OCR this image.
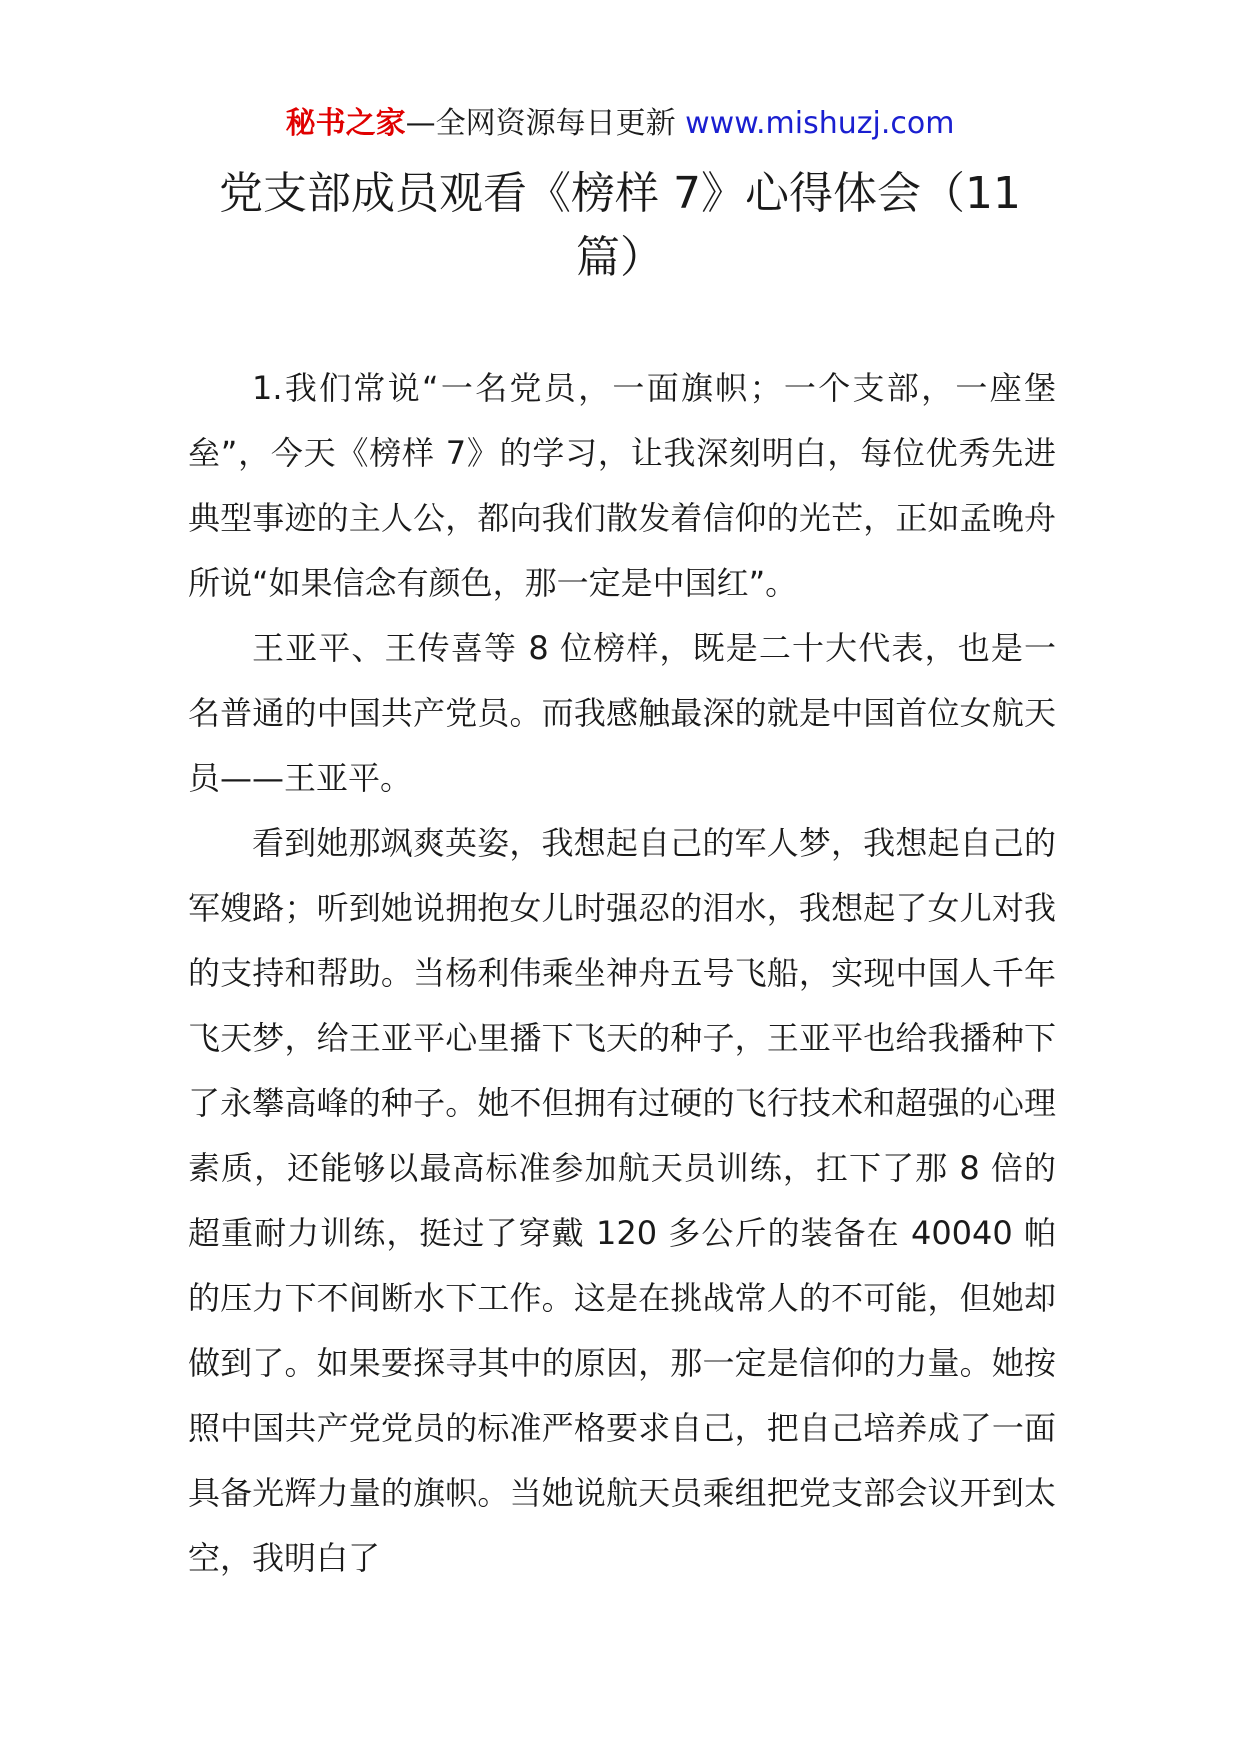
秘书之家—全网资源每日更新 www.mishuzj.com
党支部成员观看《榜样 7》心得体会（11 篇）

1.我们常说“一名党员，一面旗帜；一个支部，一座堡垒”，今天《榜样 7》的学习，让我深刻明白，每位优秀先进典型事迹的主人公，都向我们散发着信仰的光芒，正如孟晚舟所说“如果信念有颜色，那一定是中国红”。

王亚平、王传喜等 8 位榜样，既是二十大代表，也是一名普通的中国共产党员。而我感触最深的就是中国首位女航天员——王亚平。

看到她那飒爽英姿，我想起自己的军人梦，我想起自己的军嫂路；听到她说拥抱女儿时强忍的泪水，我想起了女儿对我的支持和帮助。当杨利伟乘坐神舟五号飞船，实现中国人千年飞天梦，给王亚平心里播下飞天的种子，王亚平也给我播种下了永攀高峰的种子。她不但拥有过硬的飞行技术和超强的心理素质，还能够以最高标准参加航天员训练，扛下了那 8 倍的超重耐力训练，挺过了穿戴 120 多公斤的装备在 40040 帕的压力下不间断水下工作。这是在挑战常人的不可能，但她却做到了。如果要探寻其中的原因，那一定是信仰的力量。她按照中国共产党党员的标准严格要求自己，把自己培养成了一面具备光辉力量的旗帜。当她说航天员乘组把党支部会议开到太空，我明白了
